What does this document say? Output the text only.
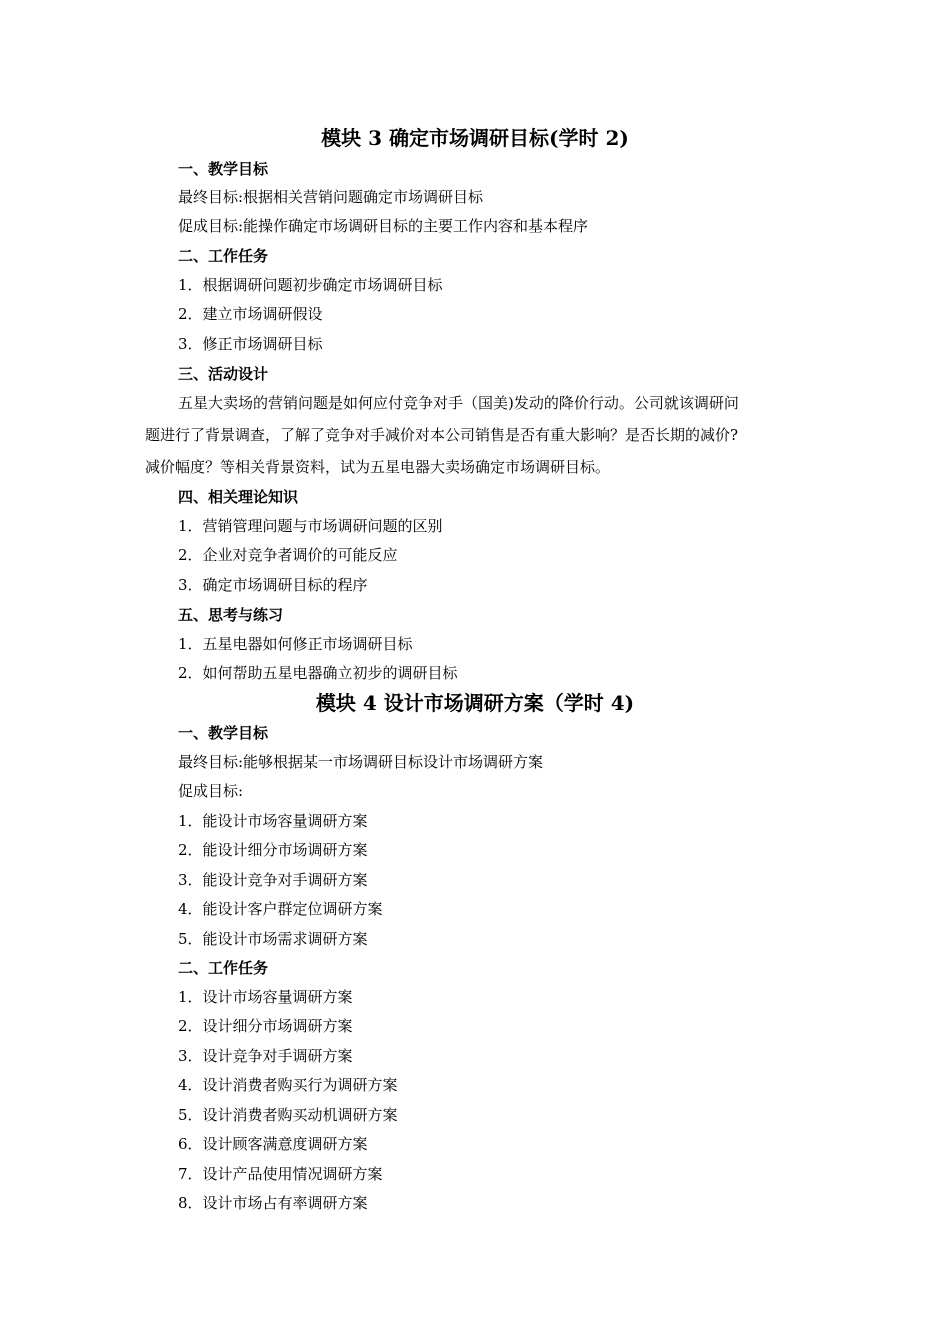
模块 3 确定市场调研目标(学时 2)
一、教学目标
最终目标:根据相关营销问题确定市场调研目标
促成目标:能操作确定市场调研目标的主要工作内容和基本程序
二、工作任务
1．根据调研问题初步确定市场调研目标
2．建立市场调研假设
3．修正市场调研目标
三、活动设计
五星大卖场的营销问题是如何应付竞争对手（国美)发动的降价行动。公司就该调研问
题进行了背景调查，了解了竞争对手减价对本公司销售是否有重大影响？是否长期的减价?
减价幅度？等相关背景资料，试为五星电器大卖场确定市场调研目标。
四、相关理论知识
1．营销管理问题与市场调研问题的区别
2．企业对竞争者调价的可能反应
3．确定市场调研目标的程序
五、思考与练习
1．五星电器如何修正市场调研目标
2．如何帮助五星电器确立初步的调研目标
模块 4 设计市场调研方案（学时 4)
一、教学目标
最终目标:能够根据某一市场调研目标设计市场调研方案
促成目标:
1．能设计市场容量调研方案
2．能设计细分市场调研方案
3．能设计竞争对手调研方案
4．能设计客户群定位调研方案
5．能设计市场需求调研方案
二、工作任务
1．设计市场容量调研方案
2．设计细分市场调研方案
3．设计竞争对手调研方案
4．设计消费者购买行为调研方案
5．设计消费者购买动机调研方案
6．设计顾客满意度调研方案
7．设计产品使用情况调研方案
8．设计市场占有率调研方案
